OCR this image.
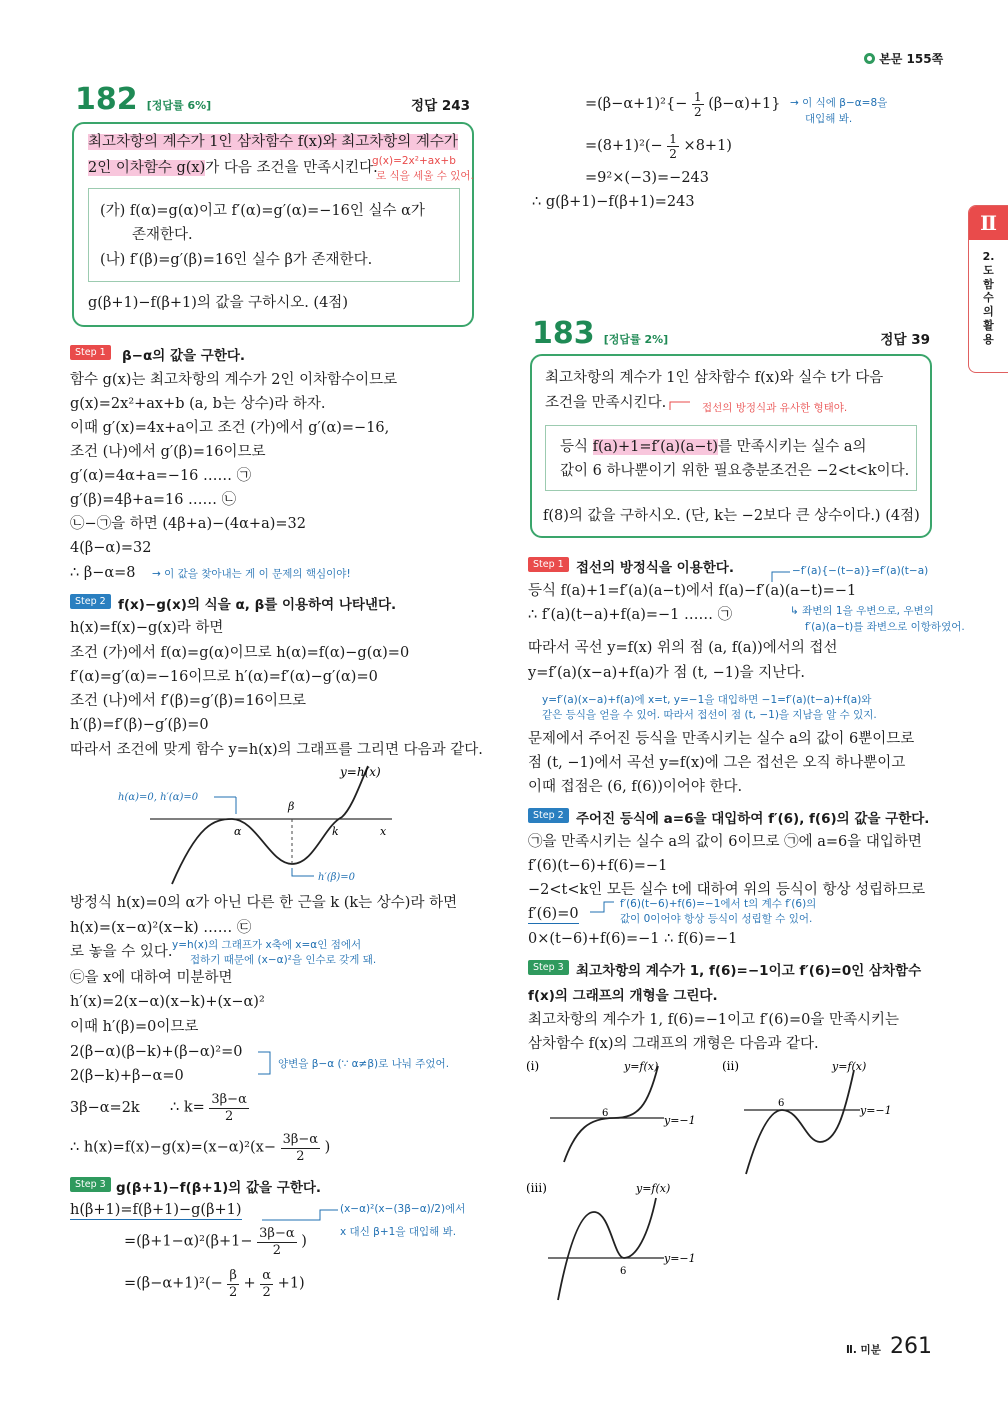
본문 155쪽
Ⅱ
2.도함수의활용
182 [정답률 6%]	정답 243
최고차항의 계수가 1인 삼차함수 f(x)와 최고차항의 계수가
2인 이차함수 g(x)가 다음 조건을 만족시킨다.
g(x)=2x²+ax+b
로 식을 세울 수 있어.
(가) f(α)=g(α)이고 f′(α)=g′(α)=−16인 실수 α가
존재한다.
(나) f′(β)=g′(β)=16인 실수 β가 존재한다.
g(β+1)−f(β+1)의 값을 구하시오. (4점)
Step 1	β−α의 값을 구한다.
함수 g(x)는 최고차항의 계수가 2인 이차함수이므로
g(x)=2x²+ax+b (a, b는 상수)라 하자.
이때 g′(x)=4x+a이고 조건 (가)에서 g′(α)=−16,
조건 (나)에서 g′(β)=16이므로
g′(α)=4α+a=−16 …… ㉠
g′(β)=4β+a=16 …… ㉡
㉡−㉠을 하면 (4β+a)−(4α+a)=32
4(β−α)=32
∴ β−α=8 → 이 값을 찾아내는 게 이 문제의 핵심이야!
Step 2 f(x)−g(x)의 식을 α, β를 이용하여 나타낸다.
h(x)=f(x)−g(x)라 하면
조건 (가)에서 f(α)=g(α)이므로 h(α)=f(α)−g(α)=0
f′(α)=g′(α)=−16이므로 h′(α)=f′(α)−g′(α)=0
조건 (나)에서 f′(β)=g′(β)=16이므로
h′(β)=f′(β)−g′(β)=0
따라서 조건에 맞게 함수 y=h(x)의 그래프를 그리면 다음과 같다.
y=h(x)
h(α)=0, h′(α)=0
β
α	k	x
h′(β)=0
방정식 h(x)=0의 α가 아닌 다른 한 근을 k (k는 상수)라 하면
h(x)=(x−α)²(x−k) …… ㉢
로 놓을 수 있다. y=h(x)의 그래프가 x축에 x=α인 점에서
접하기 때문에 (x−α)²을 인수로 갖게 돼.
㉢을 x에 대하여 미분하면
h′(x)=2(x−α)(x−k)+(x−α)²
이때 h′(β)=0이므로
2(β−α)(β−k)+(β−α)²=0
2(β−k)+β−α=0
양변을 β−α (∵ α≠β)로 나눠 주었어.
3β−α=2k ∴ $k= \frac{3\beta-\alpha}{2}$
∴ $h(x)=f(x)-g(x)=(x-\alpha)^2(x- \frac{3\beta-\alpha}{2}$ )
Step 3 g(β+1)−f(β+1)의 값을 구한다.
h(β+1)=f(β+1)−g(β+1)
$=(\beta+1-\alpha)^2(\beta+1- \frac{3\beta-\alpha}{2}$ )
$=(\beta-\alpha+1)^2(- \frac{\beta}{2} + \frac{\alpha}{2} +1)$
(x−α)²(x−(3β−α)/2)에서
x 대신 β+1을 대입해 봐.
$=(\beta-\alpha+1)^2\{- \frac{1}{2} (\beta-\alpha)+1\}$ → 이 식에 β−α=8을
대입해 봐.
$=(8+1)^2(- \frac{1}{2} \times 8+1)$
=9²×(−3)=−243
∴ g(β+1)−f(β+1)=243
183 [정답률 2%]	정답 39
최고차항의 계수가 1인 삼차함수 f(x)와 실수 t가 다음
조건을 만족시킨다.	접선의 방정식과 유사한 형태야.
등식 f(a)+1=f′(a)(a−t)를 만족시키는 실수 a의
값이 6 하나뿐이기 위한 필요충분조건은 −2<t<k이다.
f(8)의 값을 구하시오. (단, k는 −2보다 큰 상수이다.) (4점)
Step 1 접선의 방정식을 이용한다.	−f′(a){−(t−a)}=f′(a)(t−a)
등식 f(a)+1=f′(a)(a−t)에서 f(a)−f′(a)(a−t)=−1
∴ f′(a)(t−a)+f(a)=−1 …… ㉠	↳ 좌변의 1을 우변으로, 우변의
f′(a)(a−t)를 좌변으로 이항하였어.
따라서 곡선 y=f(x) 위의 점 (a, f(a))에서의 접선
y=f′(a)(x−a)+f(a)가 점 (t, −1)을 지난다.
y=f′(a)(x−a)+f(a)에 x=t, y=−1을 대입하면 −1=f′(a)(t−a)+f(a)와
같은 등식을 얻을 수 있어. 따라서 접선이 점 (t, −1)을 지남을 알 수 있지.
문제에서 주어진 등식을 만족시키는 실수 a의 값이 6뿐이므로
점 (t, −1)에서 곡선 y=f(x)에 그은 접선은 오직 하나뿐이고
이때 접점은 (6, f(6))이어야 한다.
Step 2 주어진 등식에 a=6을 대입하여 f′(6), f(6)의 값을 구한다.
㉠을 만족시키는 실수 a의 값이 6이므로 ㉠에 a=6을 대입하면
f′(6)(t−6)+f(6)=−1
−2<t<k인 모든 실수 t에 대하여 위의 등식이 항상 성립하므로
f′(6)=0
f′(6)(t−6)+f(6)=−1에서 t의 계수 f′(6)의
값이 0이어야 항상 등식이 성립할 수 있어.
0×(t−6)+f(6)=−1 ∴ f(6)=−1
Step 3 최고차항의 계수가 1, f(6)=−1이고 f′(6)=0인 삼차함수
f(x)의 그래프의 개형을 그린다.
최고차항의 계수가 1, f(6)=−1이고 f′(6)=0을 만족시키는
삼차함수 f(x)의 그래프의 개형은 다음과 같다.
(i)	y=f(x)
6
y=−1
(ii)	y=f(x)
6
y=−1
(iii)	y=f(x)
6
y=−1
Ⅱ. 미분 261
